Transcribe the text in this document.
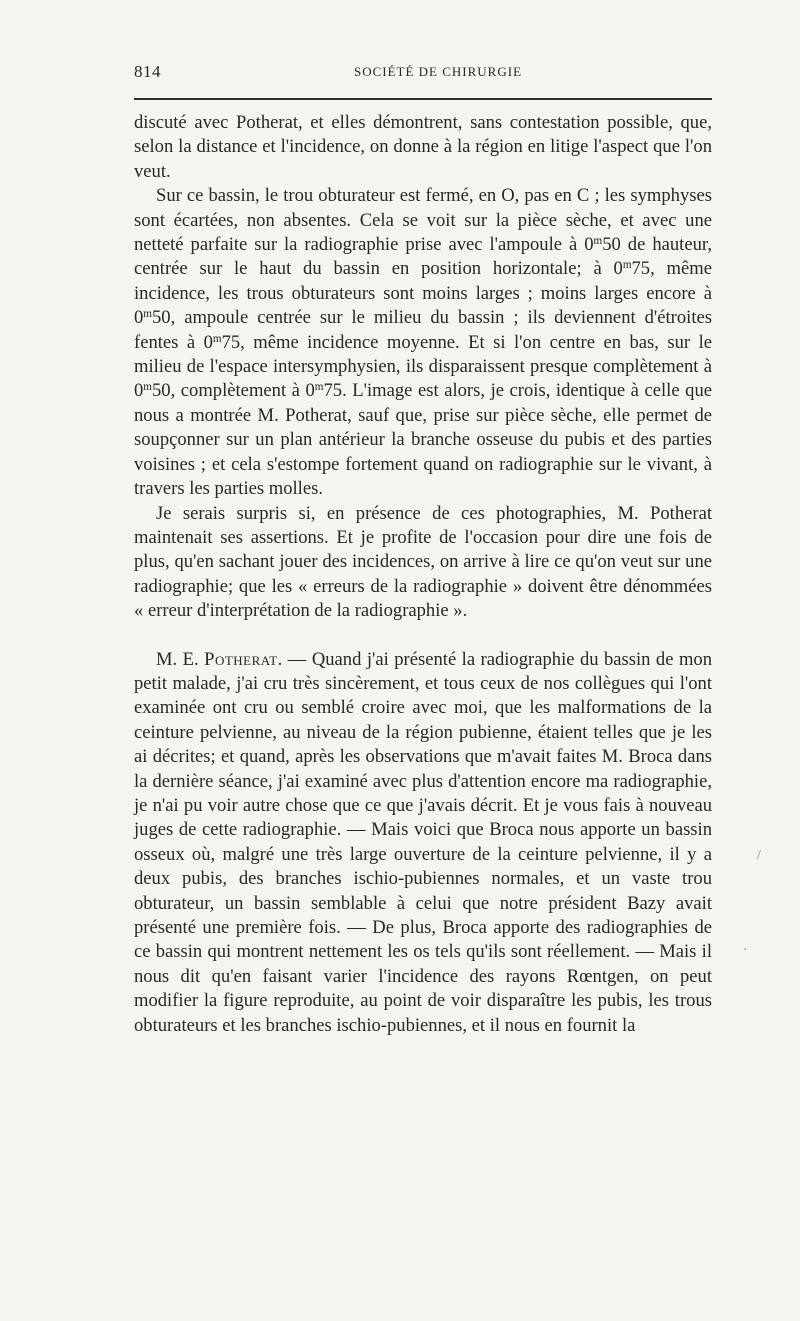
814	SOCIÉTÉ DE CHIRURGIE

discuté avec Potherat, et elles démontrent, sans contestation possible, que, selon la distance et l'incidence, on donne à la région en litige l'aspect que l'on veut.

Sur ce bassin, le trou obturateur est fermé, en O, pas en C ; les symphyses sont écartées, non absentes. Cela se voit sur la pièce sèche, et avec une netteté parfaite sur la radiographie prise avec l'ampoule à 0$^m$50 de hauteur, centrée sur le haut du bassin en position horizontale; à 0$^m$75, même incidence, les trous obturateurs sont moins larges ; moins larges encore à 0$^m$50, ampoule centrée sur le milieu du bassin ; ils deviennent d'étroites fentes à 0$^m$75, même incidence moyenne. Et si l'on centre en bas, sur le milieu de l'espace intersymphysien, ils disparaissent presque complètement à 0$^m$50, complètement à 0$^m$75. L'image est alors, je crois, identique à celle que nous a montrée M. Potherat, sauf que, prise sur pièce sèche, elle permet de soupçonner sur un plan antérieur la branche osseuse du pubis et des parties voisines ; et cela s'estompe fortement quand on radiographie sur le vivant, à travers les parties molles.

Je serais surpris si, en présence de ces photographies, M. Potherat maintenait ses assertions. Et je profite de l'occasion pour dire une fois de plus, qu'en sachant jouer des incidences, on arrive à lire ce qu'on veut sur une radiographie; que les « erreurs de la radiographie » doivent être dénommées « erreur d'interprétation de la radiographie ».

M. E. Potherat. — Quand j'ai présenté la radiographie du bassin de mon petit malade, j'ai cru très sincèrement, et tous ceux de nos collègues qui l'ont examinée ont cru ou semblé croire avec moi, que les malformations de la ceinture pelvienne, au niveau de la région pubienne, étaient telles que je les ai décrites; et quand, après les observations que m'avait faites M. Broca dans la dernière séance, j'ai examiné avec plus d'attention encore ma radiographie, je n'ai pu voir autre chose que ce que j'avais décrit. Et je vous fais à nouveau juges de cette radiographie. — Mais voici que Broca nous apporte un bassin osseux où, malgré une très large ouverture de la ceinture pelvienne, il y a deux pubis, des branches ischio-pubiennes normales, et un vaste trou obturateur, un bassin semblable à celui que notre président Bazy avait présenté une première fois. — De plus, Broca apporte des radiographies de ce bassin qui montrent nettement les os tels qu'ils sont réellement. — Mais il nous dit qu'en faisant varier l'incidence des rayons Rœntgen, on peut modifier la figure reproduite, au point de voir disparaître les pubis, les trous obturateurs et les branches ischio-pubiennes, et il nous en fournit la

/
·
